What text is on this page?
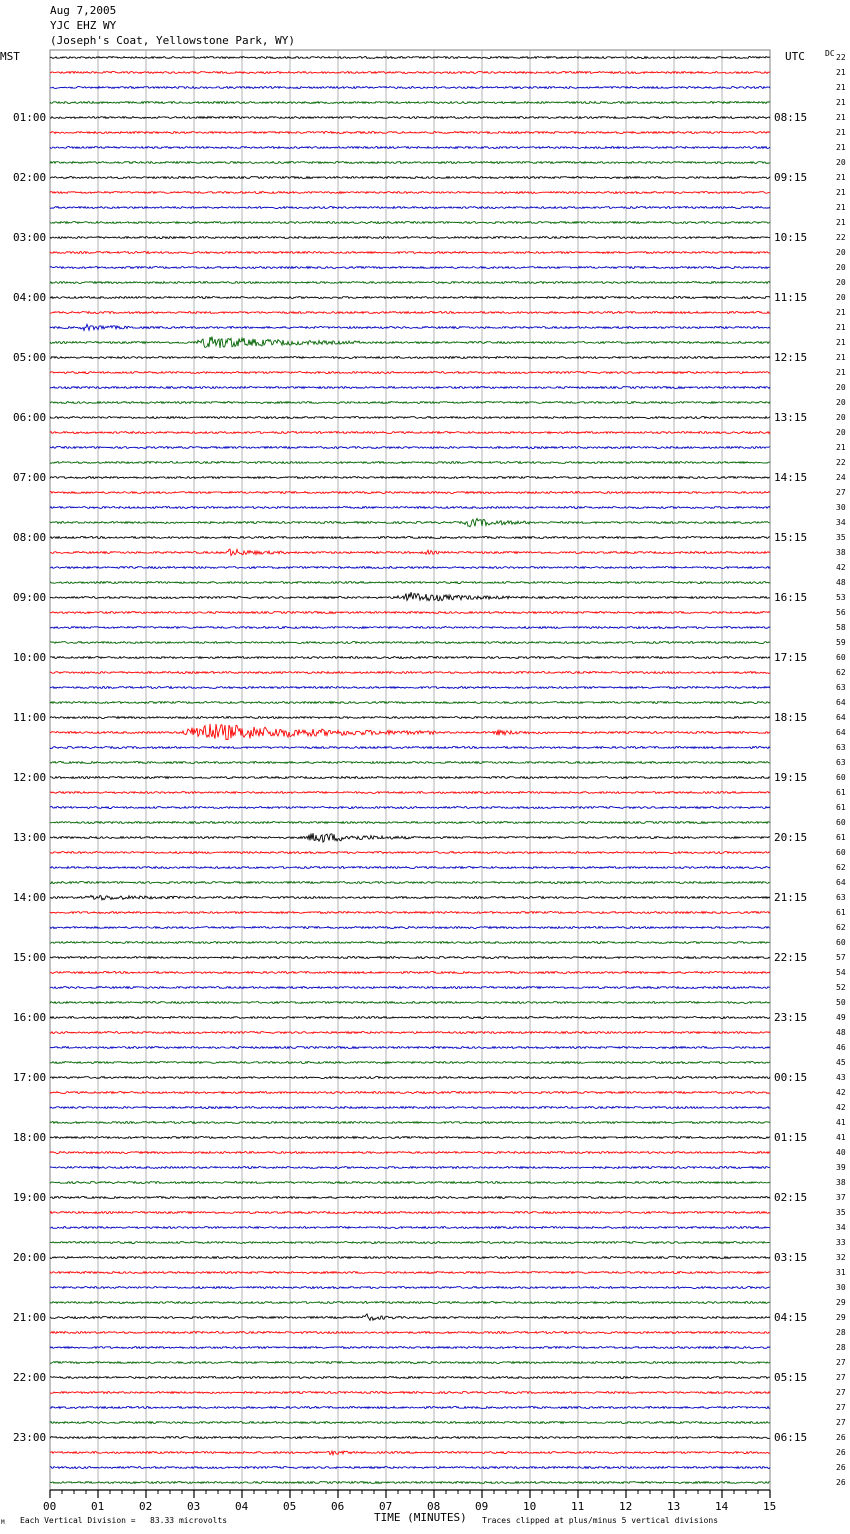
Aug 7,2005
YJC EHZ WY
(Joseph's Coat, Yellowstone Park, WY)
MST	UTC	DC
01:00
02:00
03:00
04:00
05:00
06:00
07:00
08:00
09:00
10:00
11:00
12:00
13:00
14:00
15:00
16:00
17:00
18:00
19:00
20:00
21:00
22:00
23:00
08:15
09:15
10:15
11:15
12:15
13:15
14:15
15:15
16:15
17:15
18:15
19:15
20:15
21:15
22:15
23:15
00:15
01:15
02:15
03:15
04:15
05:15
06:15
22
21
21
21
21
21
21
20
21
21
21
21
22
20
20
20
20
21
21
21
21
21
20
20
20
20
21
22
24
27
30
34
35
38
42
48
53
56
58
59
60
62
63
64
64
64
63
63
60
61
61
60
61
60
62
64
63
61
62
60
57
54
52
50
49
48
46
45
43
42
42
41
41
40
39
38
37
35
34
33
32
31
30
29
29
28
28
27
27
27
27
27
26
26
26
26
00	01	02	03	04	05	06	07	08	09	10	11	12	13	14	15
TIME (MINUTES)
Each Vertical Division =   83.33 microvolts	Traces clipped at plus/minus 5 vertical divisions
M
